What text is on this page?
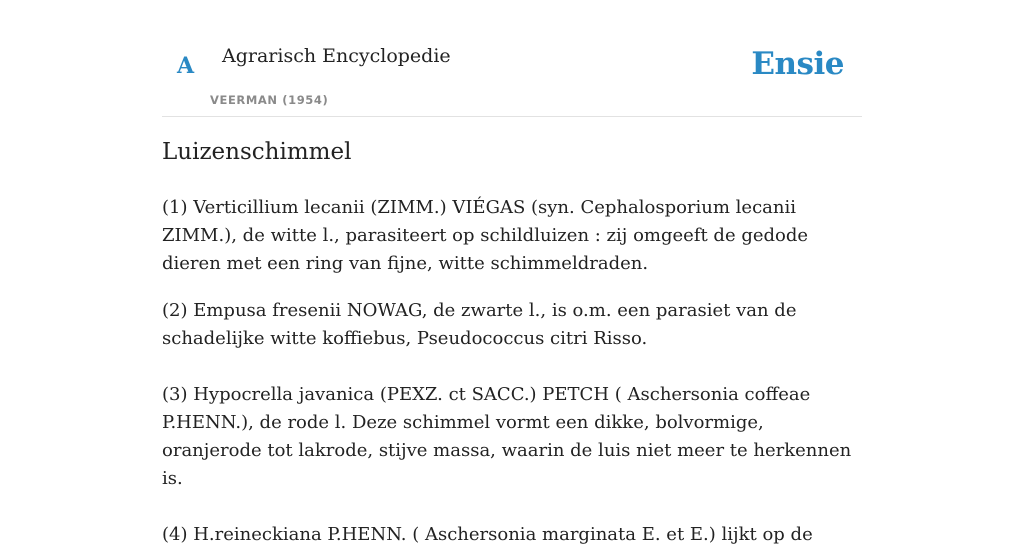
A Agrarisch Encyclopedie
VEERMAN (1954)
Ensie
Luizenschimmel

(1) Verticillium lecanii (ZIMM.) VIÉGAS (syn. Cephalosporium lecanii ZIMM.), de witte l., parasiteert op schildluizen : zij omgeeft de gedode dieren met een ring van fijne, witte schimmeldraden.

(2) Empusa fresenii NOWAG, de zwarte l., is o.m. een parasiet van de schadelijke witte koffiebus, Pseudococcus citri Risso.

(3) Hypocrella javanica (PEXZ. ct SACC.) PETCH ( Aschersonia coffeae P.HENN.), de rode l. Deze schimmel vormt een dikke, bolvormige, oranjerode tot lakrode, stijve massa, waarin de luis niet meer te herkennen is.

(4) H.reineckiana P.HENN. ( Aschersonia marginata E. et E.) lijkt op de
